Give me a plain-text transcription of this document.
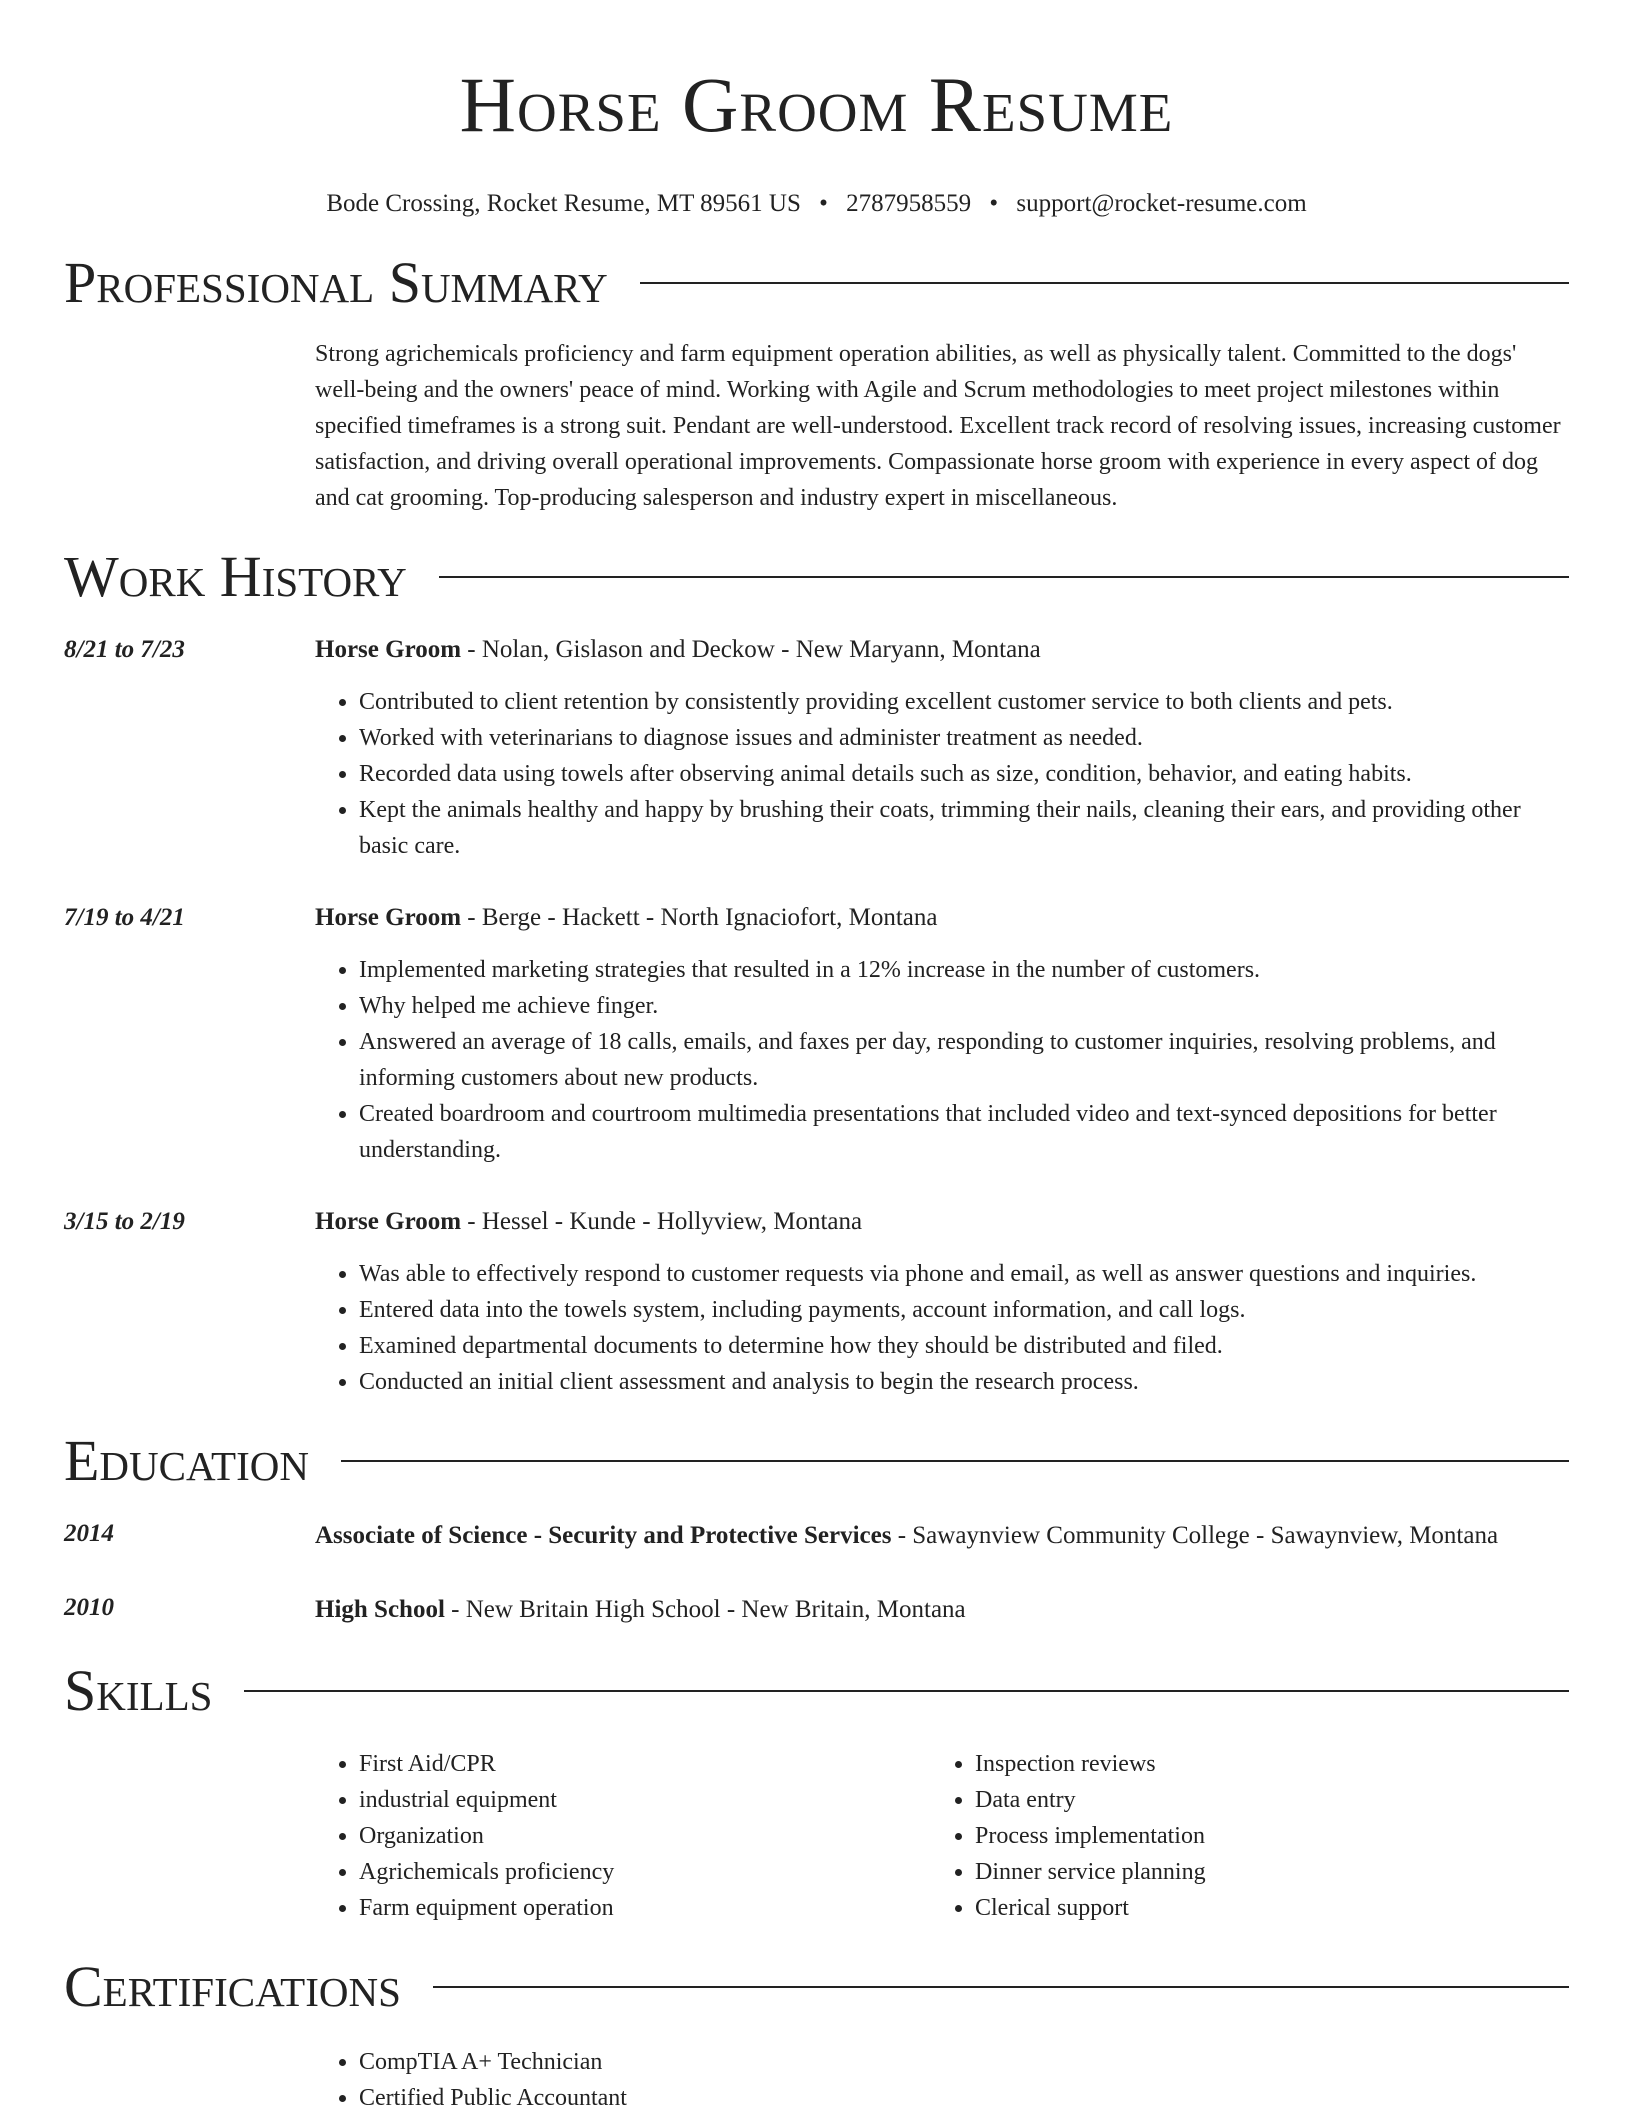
Horse Groom Resume
Bode Crossing, Rocket Resume, MT 89561 US • 2787958559 • support@rocket-resume.com
Professional Summary
Strong agrichemicals proficiency and farm equipment operation abilities, as well as physically talent. Committed to the dogs' well-being and the owners' peace of mind. Working with Agile and Scrum methodologies to meet project milestones within specified timeframes is a strong suit. Pendant are well-understood. Excellent track record of resolving issues, increasing customer satisfaction, and driving overall operational improvements. Compassionate horse groom with experience in every aspect of dog and cat grooming. Top-producing salesperson and industry expert in miscellaneous.
Work History
8/21 to 7/23	Horse Groom - Nolan, Gislason and Deckow - New Maryann, Montana
• Contributed to client retention by consistently providing excellent customer service to both clients and pets.
• Worked with veterinarians to diagnose issues and administer treatment as needed.
• Recorded data using towels after observing animal details such as size, condition, behavior, and eating habits.
• Kept the animals healthy and happy by brushing their coats, trimming their nails, cleaning their ears, and providing other basic care.
7/19 to 4/21	Horse Groom - Berge - Hackett - North Ignaciofort, Montana
• Implemented marketing strategies that resulted in a 12% increase in the number of customers.
• Why helped me achieve finger.
• Answered an average of 18 calls, emails, and faxes per day, responding to customer inquiries, resolving problems, and informing customers about new products.
• Created boardroom and courtroom multimedia presentations that included video and text-synced depositions for better understanding.
3/15 to 2/19	Horse Groom - Hessel - Kunde - Hollyview, Montana
• Was able to effectively respond to customer requests via phone and email, as well as answer questions and inquiries.
• Entered data into the towels system, including payments, account information, and call logs.
• Examined departmental documents to determine how they should be distributed and filed.
• Conducted an initial client assessment and analysis to begin the research process.
Education
2014	Associate of Science - Security and Protective Services - Sawaynview Community College - Sawaynview, Montana
2010	High School - New Britain High School - New Britain, Montana
Skills
• First Aid/CPR
• industrial equipment
• Organization
• Agrichemicals proficiency
• Farm equipment operation
• Inspection reviews
• Data entry
• Process implementation
• Dinner service planning
• Clerical support
Certifications
• CompTIA A+ Technician
• Certified Public Accountant
